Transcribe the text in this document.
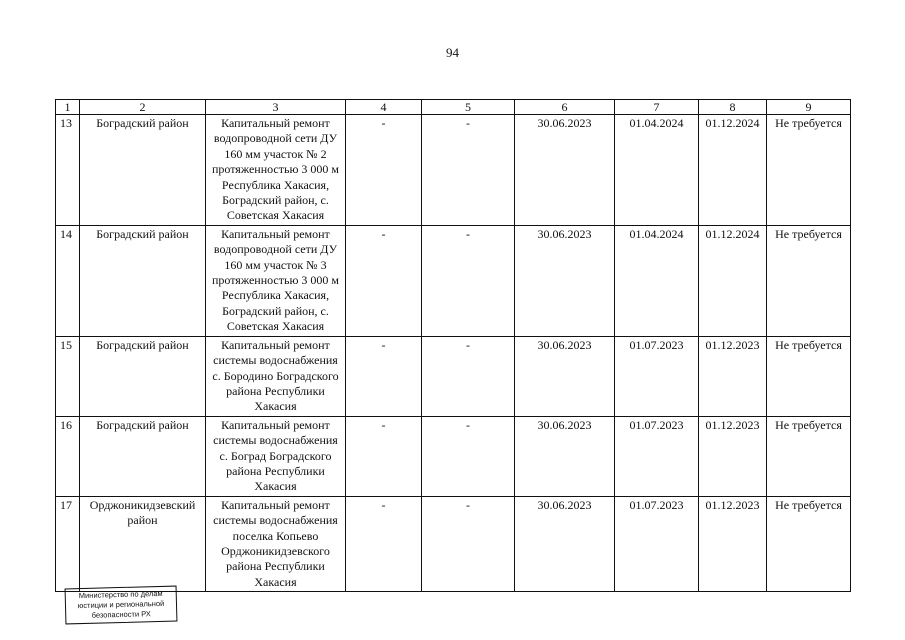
94
1	2	3	4	5	6	7	8	9
13	Боградский район	Капитальный ремонт водопроводной сети ДУ 160 мм участок № 2 протяженностью 3 000 м Республика Хакасия, Боградский район, с. Советская Хакасия	-	-	30.06.2023	01.04.2024	01.12.2024	Не требуется
14	Боградский район	Капитальный ремонт водопроводной сети ДУ 160 мм участок № 3 протяженностью 3 000 м Республика Хакасия, Боградский район, с. Советская Хакасия	-	-	30.06.2023	01.04.2024	01.12.2024	Не требуется
15	Боградский район	Капитальный ремонт системы водоснабжения с. Бородино Боградского района Республики Хакасия	-	-	30.06.2023	01.07.2023	01.12.2023	Не требуется
16	Боградский район	Капитальный ремонт системы водоснабжения с. Боград Боградского района Республики Хакасия	-	-	30.06.2023	01.07.2023	01.12.2023	Не требуется
17	Орджоникидзевский район	Капитальный ремонт системы водоснабжения поселка Копьево Орджоникидзевского района Республики Хакасия	-	-	30.06.2023	01.07.2023	01.12.2023	Не требуется
Министерство по делам
юстиции и региональной
безопасности РХ
